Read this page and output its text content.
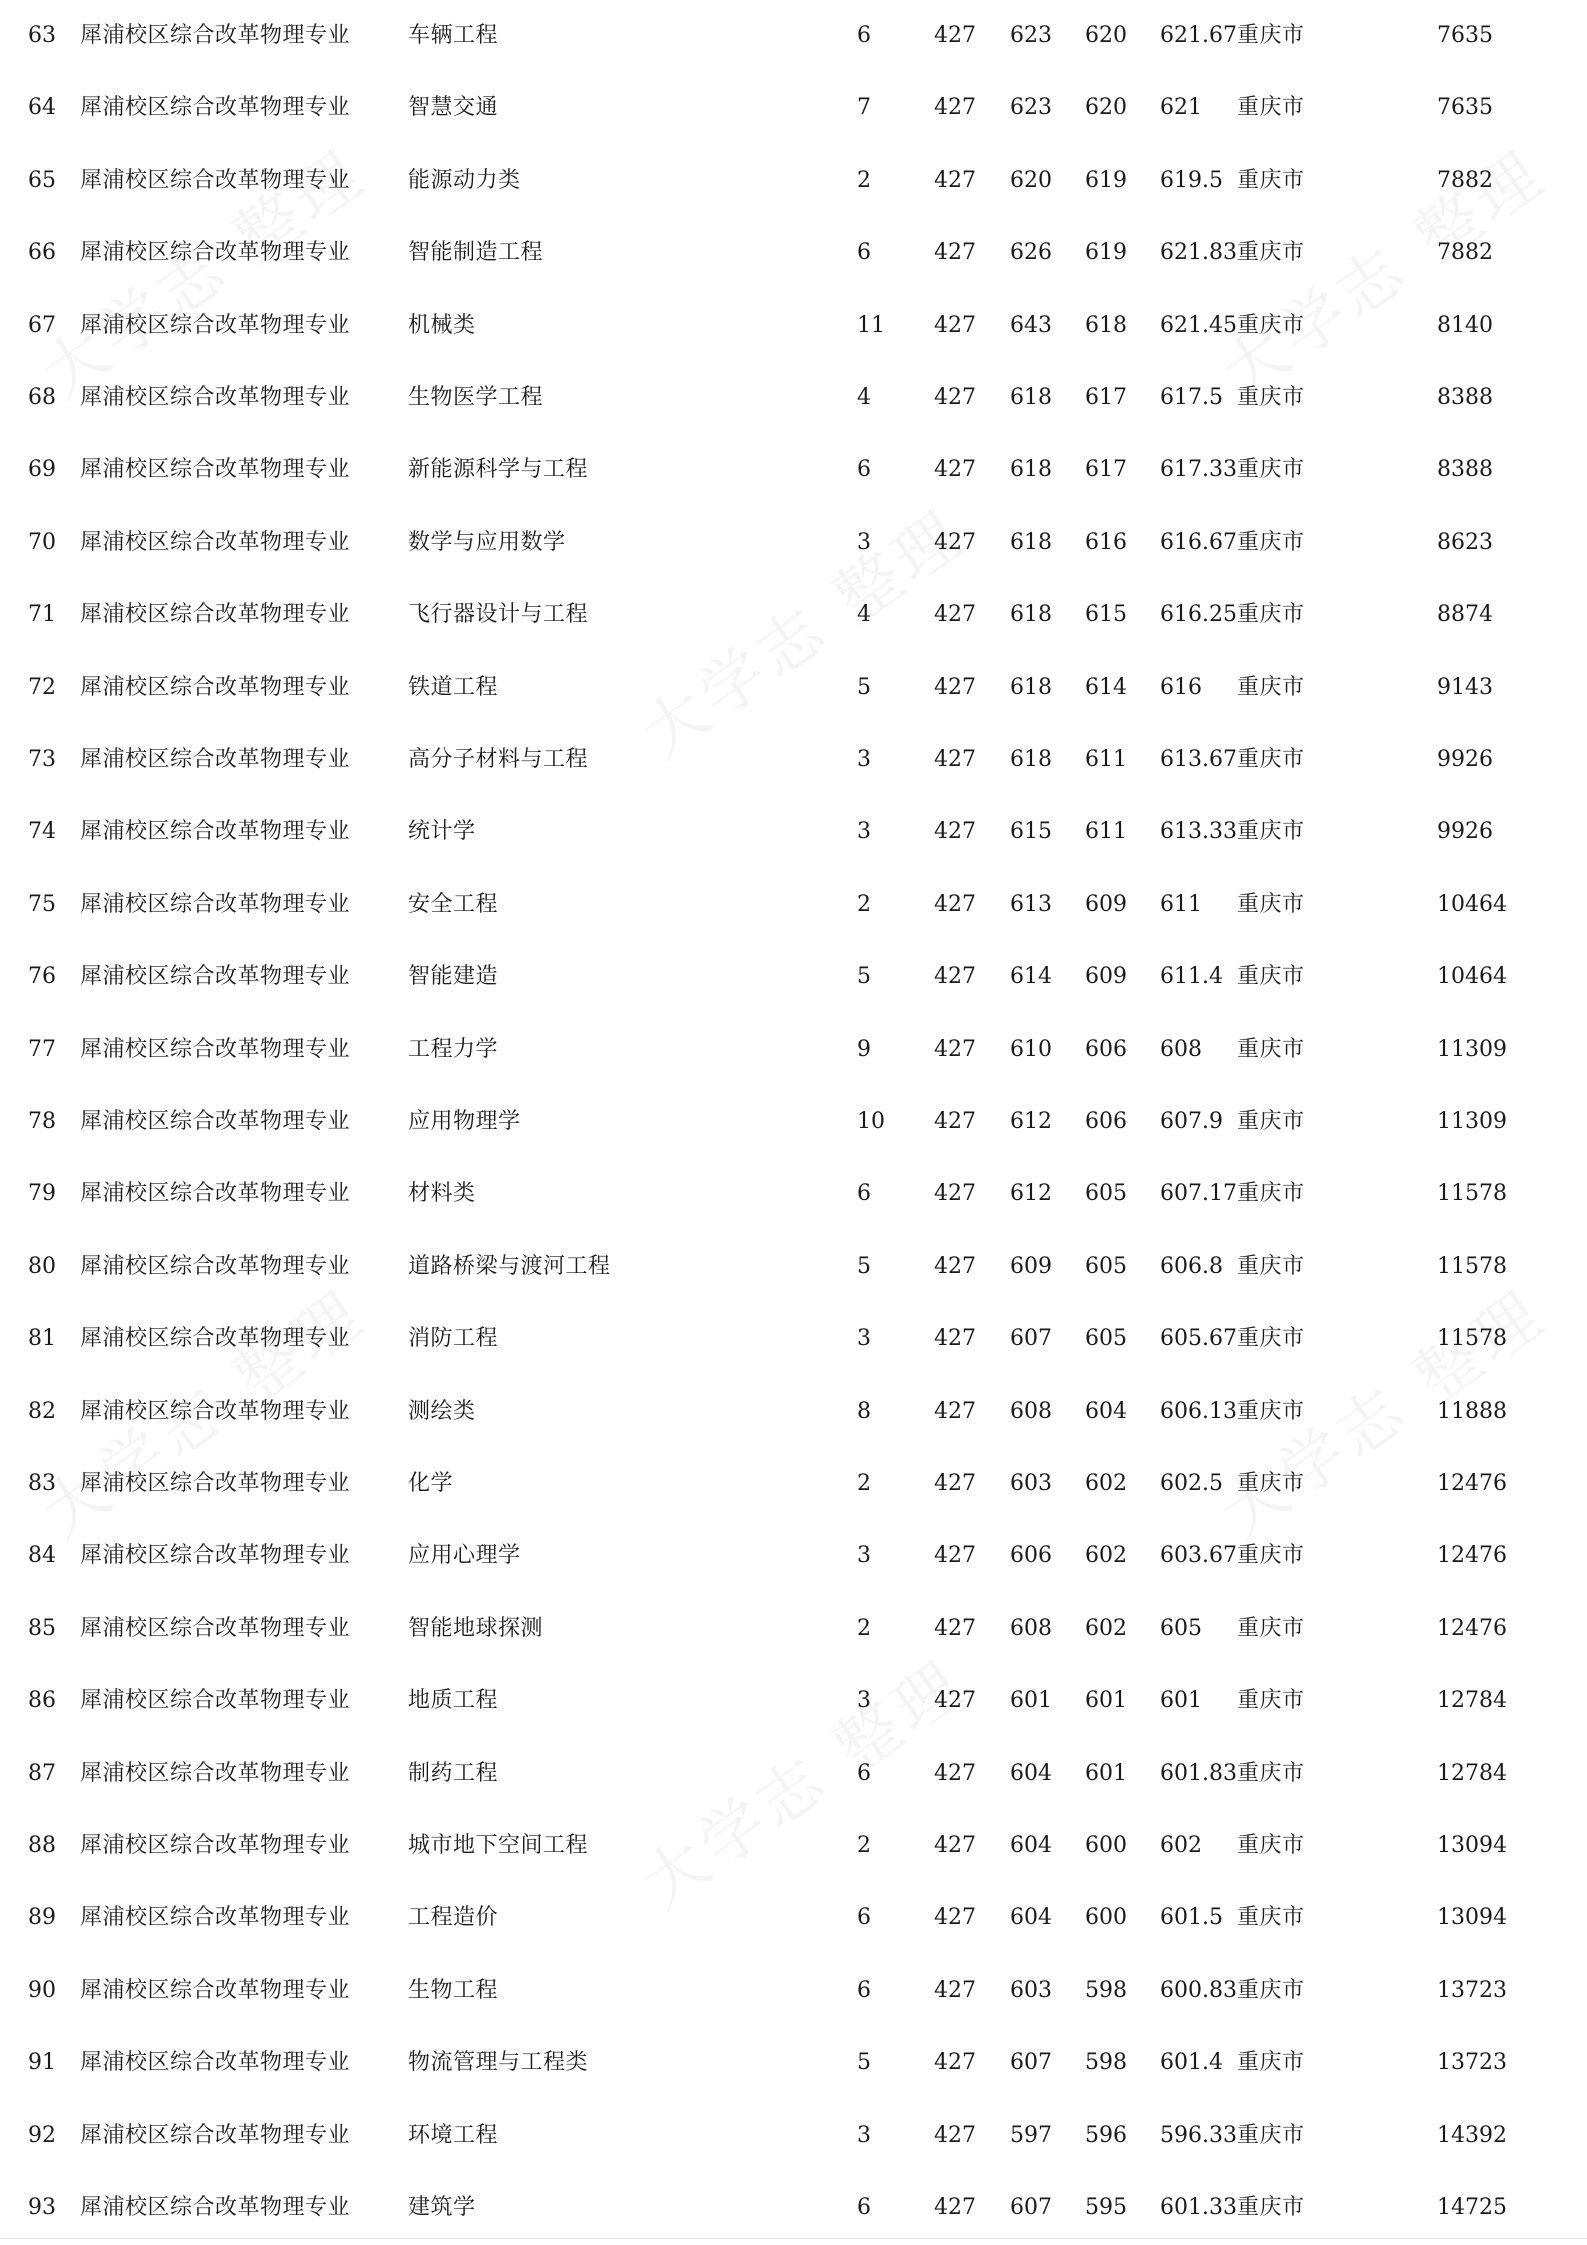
63 犀浦校区综合改革物理专业	车辆工程	6	427 623 620 621.67 重庆市	7635
64 犀浦校区综合改革物理专业	智慧交通	7	427 623 620 621 重庆市	7635
65 犀浦校区综合改革物理专业	能源动力类	2	427 620 619 619.5 重庆市	7882
66 犀浦校区综合改革物理专业	智能制造工程	6	427 626 619 621.83 重庆市	7882
67 犀浦校区综合改革物理专业	机械类	11 427 643 618 621.45 重庆市	8140
68 犀浦校区综合改革物理专业	生物医学工程	4	427 618 617 617.5 重庆市	8388
69 犀浦校区综合改革物理专业	新能源科学与工程	6	427 618 617 617.33 重庆市	8388
70 犀浦校区综合改革物理专业	数学与应用数学	3	427 618 616 616.67 重庆市	8623
71 犀浦校区综合改革物理专业	飞行器设计与工程	4	427 618 615 616.25 重庆市	8874
72 犀浦校区综合改革物理专业	铁道工程	5	427 618 614 616 重庆市	9143
73 犀浦校区综合改革物理专业	高分子材料与工程	3	427 618 611 613.67 重庆市	9926
74 犀浦校区综合改革物理专业	统计学	3	427 615 611 613.33 重庆市	9926
75 犀浦校区综合改革物理专业	安全工程	2	427 613 609 611 重庆市	10464
76 犀浦校区综合改革物理专业	智能建造	5	427 614 609 611.4 重庆市	10464
77 犀浦校区综合改革物理专业	工程力学	9	427 610 606 608 重庆市	11309
78 犀浦校区综合改革物理专业	应用物理学	10 427 612 606 607.9 重庆市	11309
79 犀浦校区综合改革物理专业	材料类	6	427 612 605 607.17 重庆市	11578
80 犀浦校区综合改革物理专业	道路桥梁与渡河工程	5	427 609 605 606.8 重庆市	11578
81 犀浦校区综合改革物理专业	消防工程	3	427 607 605 605.67 重庆市	11578
82 犀浦校区综合改革物理专业	测绘类	8	427 608 604 606.13 重庆市	11888
83 犀浦校区综合改革物理专业	化学	2	427 603 602 602.5 重庆市	12476
84 犀浦校区综合改革物理专业	应用心理学	3	427 606 602 603.67 重庆市	12476
85 犀浦校区综合改革物理专业	智能地球探测	2	427 608 602 605 重庆市	12476
86 犀浦校区综合改革物理专业	地质工程	3	427 601 601 601 重庆市	12784
87 犀浦校区综合改革物理专业	制药工程	6	427 604 601 601.83 重庆市	12784
88 犀浦校区综合改革物理专业	城市地下空间工程	2	427 604 600 602 重庆市	13094
89 犀浦校区综合改革物理专业	工程造价	6	427 604 600 601.5 重庆市	13094
90 犀浦校区综合改革物理专业	生物工程	6	427 603 598 600.83 重庆市	13723
91 犀浦校区综合改革物理专业	物流管理与工程类	5	427 607 598 601.4 重庆市	13723
92 犀浦校区综合改革物理专业	环境工程	3	427 597 596 596.33 重庆市	14392
93 犀浦校区综合改革物理专业	建筑学	6	427 607 595 601.33 重庆市	14725
